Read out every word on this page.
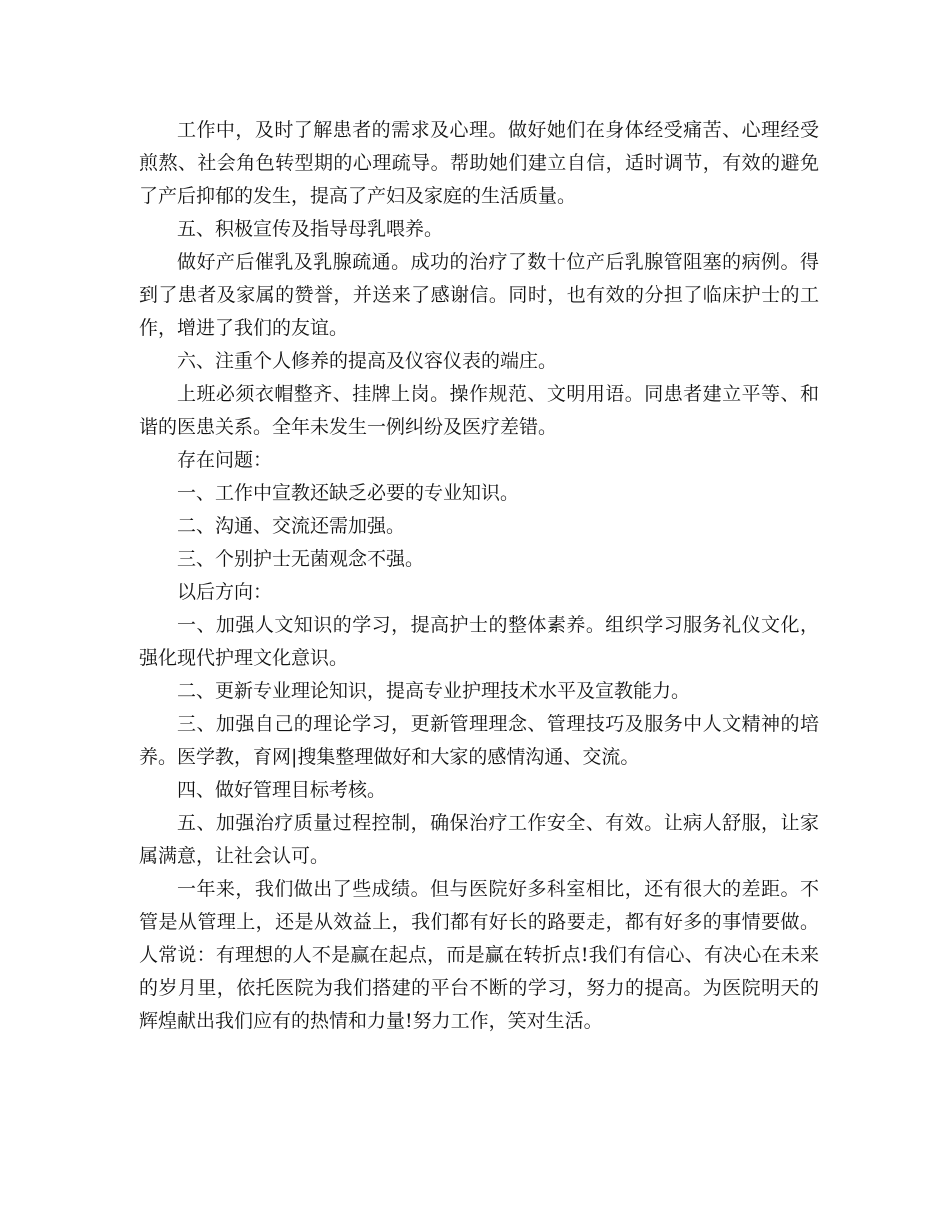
工作中，及时了解患者的需求及心理。做好她们在身体经受痛苦、心理经受煎熬、社会角色转型期的心理疏导。帮助她们建立自信，适时调节，有效的避免了产后抑郁的发生，提高了产妇及家庭的生活质量。

五、积极宣传及指导母乳喂养。

做好产后催乳及乳腺疏通。成功的治疗了数十位产后乳腺管阻塞的病例。得到了患者及家属的赞誉，并送来了感谢信。同时，也有效的分担了临床护士的工作，增进了我们的友谊。

六、注重个人修养的提高及仪容仪表的端庄。

上班必须衣帽整齐、挂牌上岗。操作规范、文明用语。同患者建立平等、和谐的医患关系。全年未发生一例纠纷及医疗差错。

存在问题：

一、工作中宣教还缺乏必要的专业知识。

二、沟通、交流还需加强。

三、个别护士无菌观念不强。

以后方向：

一、加强人文知识的学习，提高护士的整体素养。组织学习服务礼仪文化，强化现代护理文化意识。

二、更新专业理论知识，提高专业护理技术水平及宣教能力。

三、加强自己的理论学习，更新管理理念、管理技巧及服务中人文精神的培养。医学教，育网|搜集整理做好和大家的感情沟通、交流。

四、做好管理目标考核。

五、加强治疗质量过程控制，确保治疗工作安全、有效。让病人舒服，让家属满意，让社会认可。

一年来，我们做出了些成绩。但与医院好多科室相比，还有很大的差距。不管是从管理上，还是从效益上，我们都有好长的路要走，都有好多的事情要做。人常说：有理想的人不是赢在起点，而是赢在转折点!我们有信心、有决心在未来的岁月里，依托医院为我们搭建的平台不断的学习，努力的提高。为医院明天的辉煌献出我们应有的热情和力量!努力工作，笑对生活。
